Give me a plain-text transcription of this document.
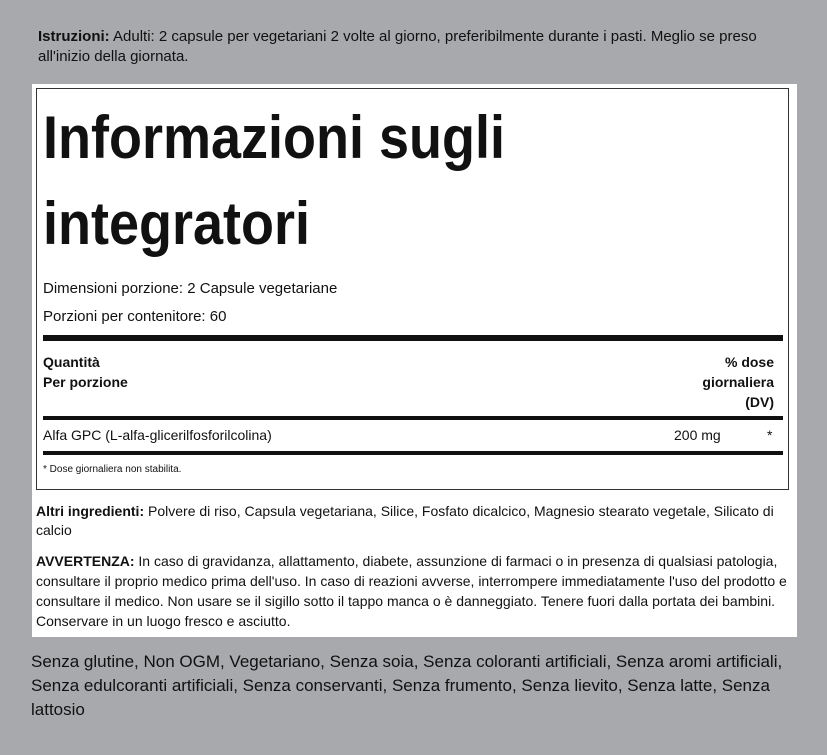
Istruzioni: Adulti: 2 capsule per vegetariani 2 volte al giorno, preferibilmente durante i pasti. Meglio se preso all'inizio della giornata.
Informazioni sugli
integratori
Dimensioni porzione: 2 Capsule vegetariane
Porzioni per contenitore: 60
Quantità
Per porzione
% dose
giornaliera
(DV)
Alfa GPC (L-alfa-glicerilfosforilcolina)	200 mg	*
* Dose giornaliera non stabilita.
Altri ingredienti: Polvere di riso, Capsula vegetariana, Silice, Fosfato dicalcico, Magnesio stearato vegetale, Silicato di calcio
AVVERTENZA: In caso di gravidanza, allattamento, diabete, assunzione di farmaci o in presenza di qualsiasi patologia, consultare il proprio medico prima dell'uso. In caso di reazioni avverse, interrompere immediatamente l'uso del prodotto e consultare il medico. Non usare se il sigillo sotto il tappo manca o è danneggiato. Tenere fuori dalla portata dei bambini. Conservare in un luogo fresco e asciutto.
Senza glutine, Non OGM, Vegetariano, Senza soia, Senza coloranti artificiali, Senza aromi artificiali, Senza edulcoranti artificiali, Senza conservanti, Senza frumento, Senza lievito, Senza latte, Senza lattosio
